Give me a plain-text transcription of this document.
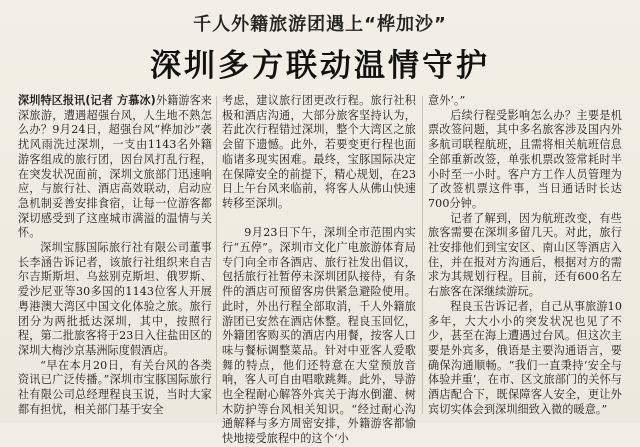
千人外籍旅游团遇上“桦加沙”
深圳多方联动温情守护

深圳特区报讯(记者 方慕冰)外籍游客来深旅游，遭遇超强台风，人生地不熟怎么办？9月24日，超强台风“桦加沙”袭扰风雨洗过深圳，一支由1143名外籍游客组成的旅行团，因台风打乱行程，在突发状况面前，深圳文旅部门迅速响应，与旅行社、酒店高效联动，启动应急机制妥善安排食宿，让每一位游客都深切感受到了这座城市满溢的温情与关怀。

深圳宝豚国际旅行社有限公司董事长李涵告诉记者，该旅行社组织来自吉尔吉斯斯坦、乌兹别克斯坦、俄罗斯、爱沙尼亚等30多国的1143位客人开展粤港澳大湾区中国文化体验之旅。旅行团分为两批抵达深圳，其中，按照行程，第二批旅客将于23日入住盐田区的深圳大梅沙京基洲际度假酒店。

“早在本月20日，有关台风的各类资讯已广泛传播。”深圳市宝豚国际旅行社有限公司总经理程良玉说，当时大家都有担忧，相关部门基于安全

考虑，建议旅行团更改行程。旅行社积极和酒店沟通，大部分旅客坚持认为，若此次行程错过深圳，整个大湾区之旅会留下遗憾。此外，若要变更行程也面临诸多现实困难。最终，宝豚国际决定在保障安全的前提下，精心规划，在23日上午台风来临前，将客人从佛山快速转移至深圳。

9月23日下午，深圳全市范围内实行“五停”。深圳市文化广电旅游体育局专门向全市各酒店、旅行社发出倡议，包括旅行社暂停未深圳团队接待，有条件的酒店可预留客房供紧急避险使用。此时，外出行程全部取消，千人外籍旅游团已安然在酒店休整。程良玉回忆，外籍团客购买的酒店内用餐，按客人口味与餐标调整菜品。针对中亚客人爱歌舞的特点，他们还特意在大堂预放音响，客人可自由唱歌跳舞。此外，导游也全程耐心解答外宾关于海水倒灌、树木防护等台风相关知识。“经过耐心沟通解释与多方周密安排，外籍游客都愉快地接受旅程中的这个‘小

意外’。”

后续行程受影响怎么办？主要是机票改签问题，其中多名旅客涉及国内外多航司联程航班，且需将相关航班信息全部重新改签，单张机票改签常耗时半小时至一小时。客户方工作人员管理为了改签机票这件事，当日通话时长达700分钟。

记者了解到，因为航班改变，有些旅客需要在深圳多留几天。对此，旅行社安排他们到宝安区、南山区等酒店入住，并在报对方沟通后，根据对方的需求为其规划行程。目前，还有600名左右旅客在深继续游玩。

程良玉告诉记者，自己从事旅游10多年，大大小小的突发状况也见了不少，甚至在海上遭遇过台风。但这次主要是外宾多，俄语是主要沟通语言，要确保沟通顺畅。“我们一直秉持‘安全与体验并重’，在市、区文旅部门的关怀与酒店配合下，既保障客人安全，更让外宾切实体会到深圳细致入微的暖意。”
